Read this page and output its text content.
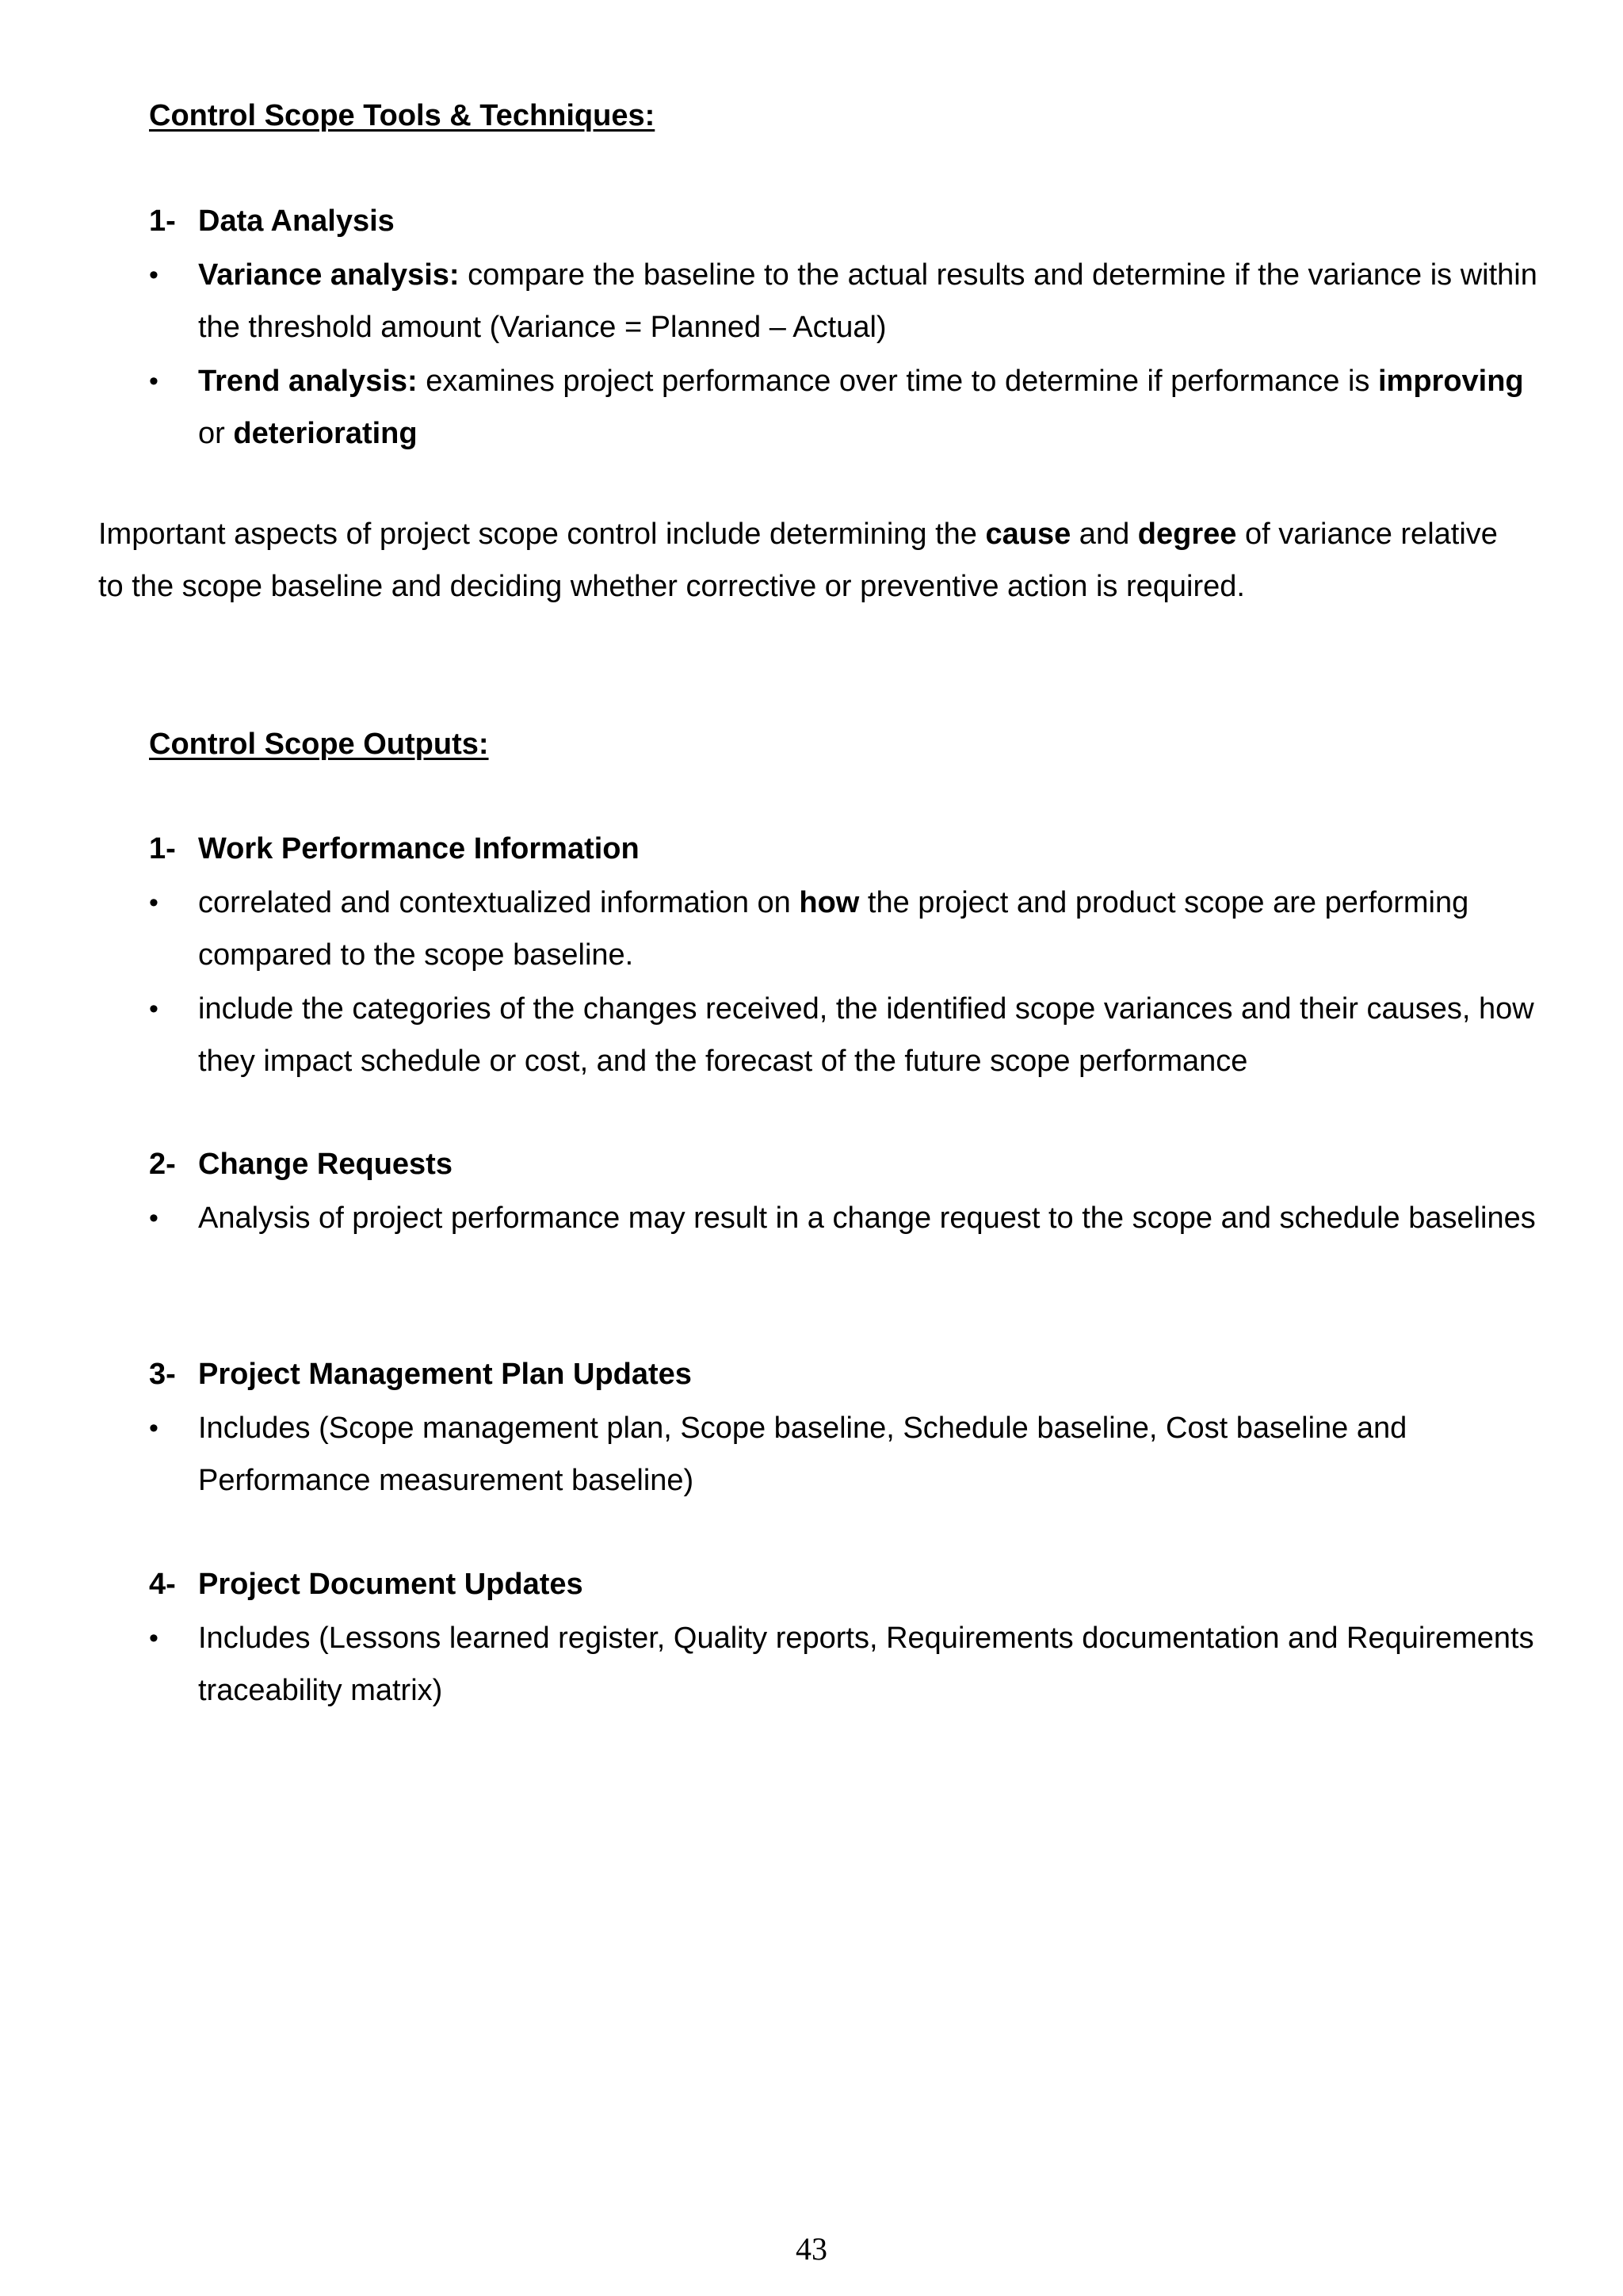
Control Scope Tools & Techniques:
1- Data Analysis
•	Variance analysis: compare the baseline to the actual results and determine if the variance is within the threshold amount (Variance = Planned – Actual)
•	Trend analysis: examines project performance over time to determine if performance is improving or deteriorating
Important aspects of project scope control include determining the cause and degree of variance relative to the scope baseline and deciding whether corrective or preventive action is required.
Control Scope Outputs:
1- Work Performance Information
•	correlated and contextualized information on how the project and product scope are performing compared to the scope baseline.
•	include the categories of the changes received, the identified scope variances and their causes, how they impact schedule or cost, and the forecast of the future scope performance
2- Change Requests
•	Analysis of project performance may result in a change request to the scope and schedule baselines
3- Project Management Plan Updates
•	Includes (Scope management plan, Scope baseline, Schedule baseline, Cost baseline and Performance measurement baseline)
4- Project Document Updates
•	Includes (Lessons learned register, Quality reports, Requirements documentation and Requirements traceability matrix)
43
